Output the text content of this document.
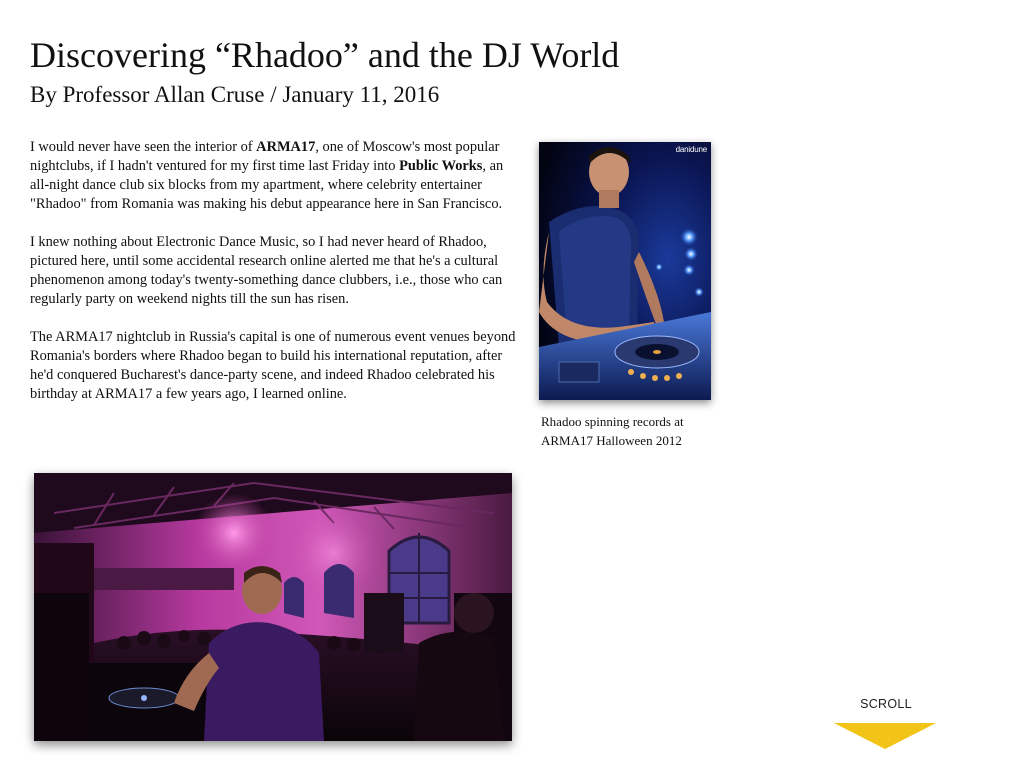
Discovering “Rhadoo” and the DJ World
By Professor Allan Cruse / January 11, 2016

I would never have seen the interior of ARMA17, one of Moscow's most popular nightclubs, if I hadn't ventured for my first time last Friday into Public Works, an all-night dance club six blocks from my apartment, where celebrity entertainer "Rhadoo" from Romania was making his debut appearance here in San Francisco.

I knew nothing about Electronic Dance Music, so I had never heard of Rhadoo, pictured here, until some accidental research online alerted me that he's a cultural phenomenon among today's twenty-something dance clubbers, i.e., those who can regularly party on weekend nights till the sun has risen.

The ARMA17 nightclub in Russia's capital is one of numerous event venues beyond Romania's borders where Rhadoo began to build his international reputation, after he'd conquered Bucharest's dance-party scene, and indeed Rhadoo celebrated his birthday at ARMA17 a few years ago, I learned online.

danidune
Rhadoo spinning records at ARMA17 Halloween 2012
SCROLL
